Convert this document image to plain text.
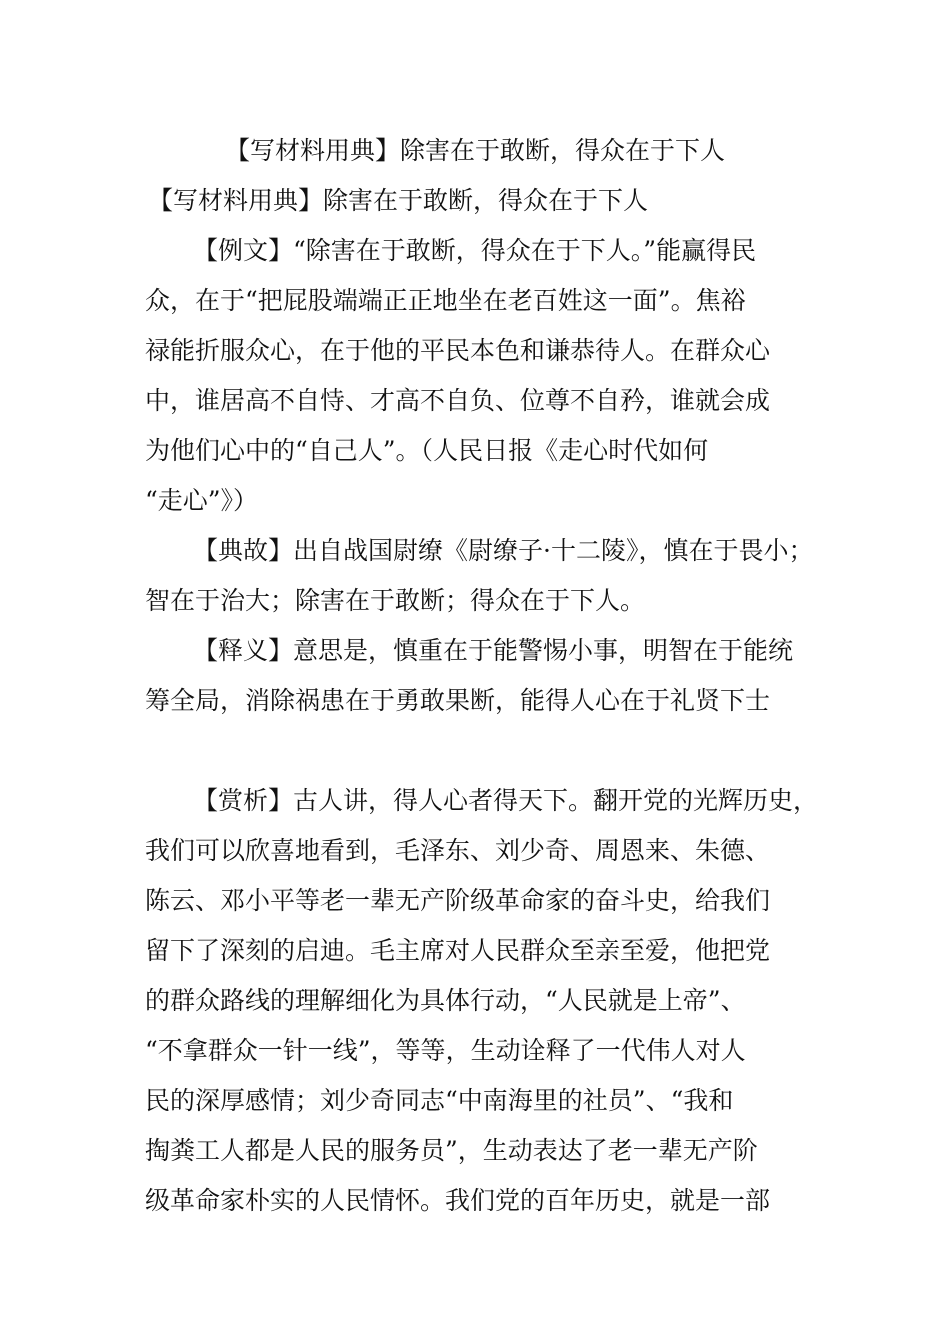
【写材料用典】除害在于敢断，得众在于下人
【写材料用典】除害在于敢断，得众在于下人
【例文】“除害在于敢断，得众在于下人。”能赢得民
众，在于“把屁股端端正正地坐在老百姓这一面”。焦裕
禄能折服众心，在于他的平民本色和谦恭待人。在群众心
中，谁居高不自恃、才高不自负、位尊不自矜，谁就会成
为他们心中的“自己人”。（人民日报《走心时代如何
“走心”》）
【典故】出自战国尉缭《尉缭子·十二陵》，慎在于畏小；
智在于治大；除害在于敢断；得众在于下人。
【释义】意思是，慎重在于能警惕小事，明智在于能统
筹全局，消除祸患在于勇敢果断，能得人心在于礼贤下士
【赏析】古人讲，得人心者得天下。翻开党的光辉历史，
我们可以欣喜地看到，毛泽东、刘少奇、周恩来、朱德、
陈云、邓小平等老一辈无产阶级革命家的奋斗史，给我们
留下了深刻的启迪。毛主席对人民群众至亲至爱，他把党
的群众路线的理解细化为具体行动，“人民就是上帝”、
“不拿群众一针一线”，等等，生动诠释了一代伟人对人
民的深厚感情；刘少奇同志“中南海里的社员”、“我和
掏粪工人都是人民的服务员”，生动表达了老一辈无产阶
级革命家朴实的人民情怀。我们党的百年历史，就是一部
